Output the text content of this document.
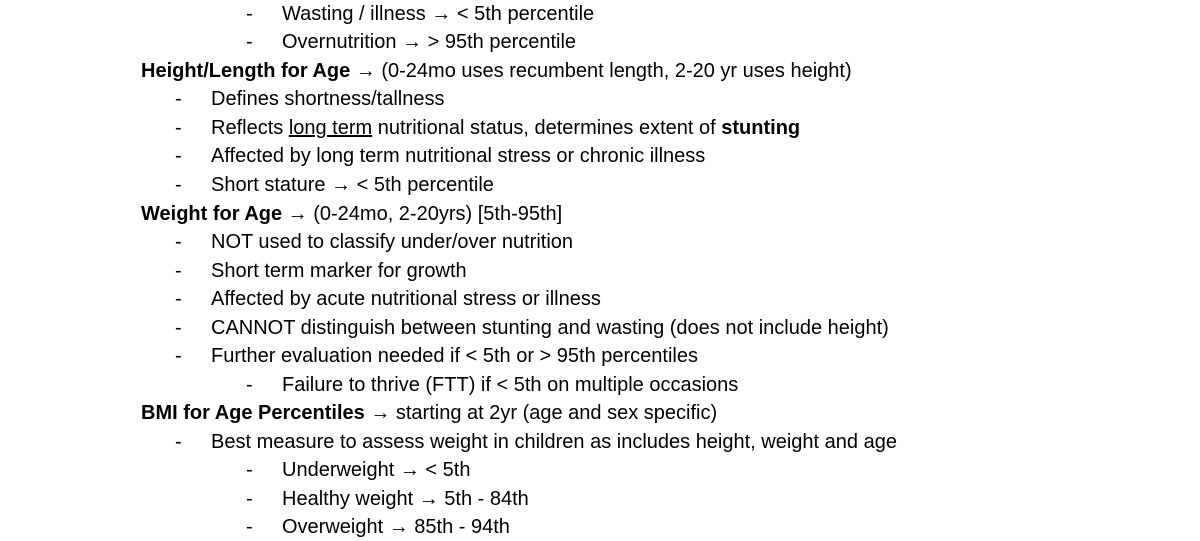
- Wasting / illness → < 5th percentile
- Overnutrition → > 95th percentile
Height/Length for Age → (0-24mo uses recumbent length, 2-20 yr uses height)
- Defines shortness/tallness
- Reflects long term nutritional status, determines extent of stunting
- Affected by long term nutritional stress or chronic illness
- Short stature → < 5th percentile
Weight for Age → (0-24mo, 2-20yrs) [5th-95th]
- NOT used to classify under/over nutrition
- Short term marker for growth
- Affected by acute nutritional stress or illness
- CANNOT distinguish between stunting and wasting (does not include height)
- Further evaluation needed if < 5th or > 95th percentiles
- Failure to thrive (FTT) if < 5th on multiple occasions
BMI for Age Percentiles → starting at 2yr (age and sex specific)
- Best measure to assess weight in children as includes height, weight and age
- Underweight → < 5th
- Healthy weight → 5th - 84th
- Overweight → 85th - 94th
